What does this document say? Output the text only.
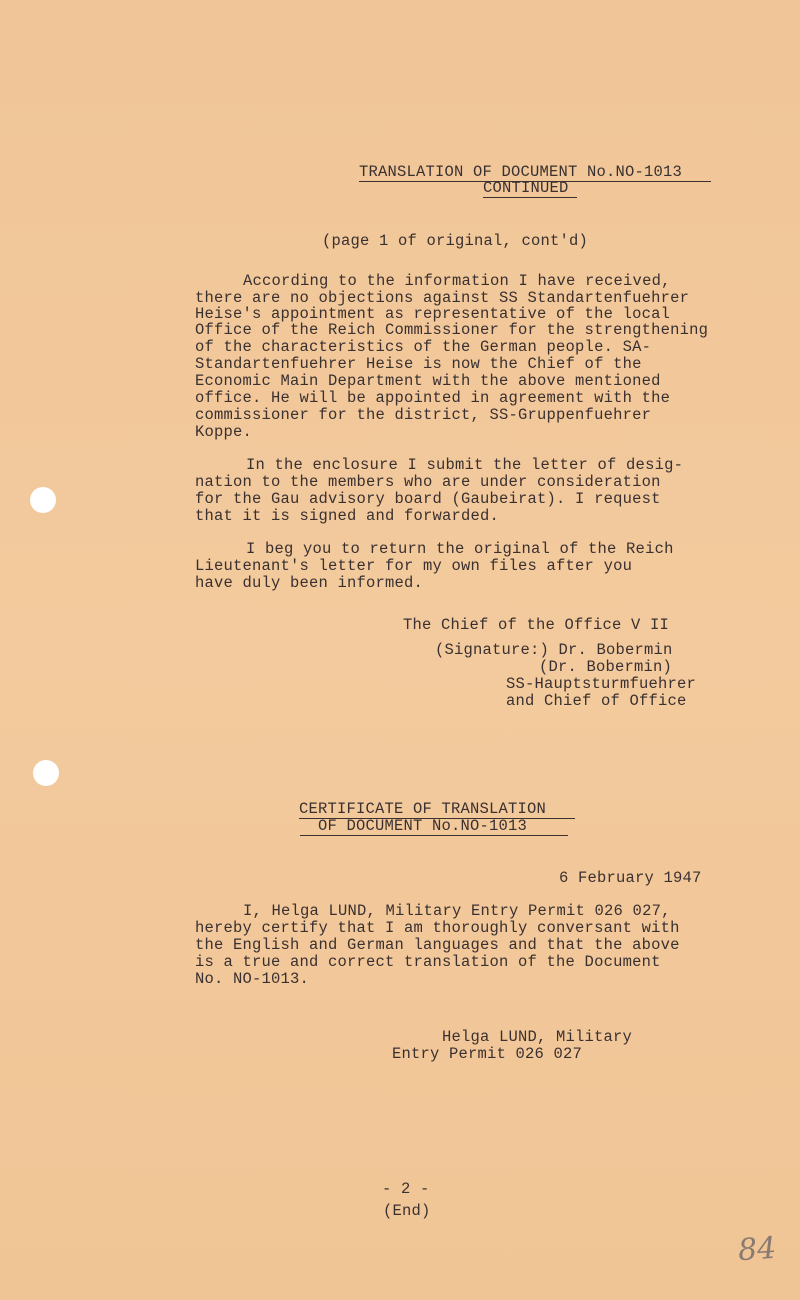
TRANSLATION OF DOCUMENT No.NO-1013
CONTINUED
(page 1 of original, cont'd)
According to the information I have received,
there are no objections against SS Standartenfuehrer
Heise's appointment as representative of the local
Office of the Reich Commissioner for the strengthening
of the characteristics of the German people. SA-
Standartenfuehrer Heise is now the Chief of the
Economic Main Department with the above mentioned
office. He will be appointed in agreement with the
commissioner for the district, SS-Gruppenfuehrer
Koppe.
In the enclosure I submit the letter of desig-
nation to the members who are under consideration
for the Gau advisory board (Gaubeirat). I request
that it is signed and forwarded.
I beg you to return the original of the Reich
Lieutenant's letter for my own files after you
have duly been informed.
The Chief of the Office V II
(Signature:) Dr. Bobermin
(Dr. Bobermin)
SS-Hauptsturmfuehrer
and Chief of Office
CERTIFICATE OF TRANSLATION
OF DOCUMENT No.NO-1013
6 February 1947
I, Helga LUND, Military Entry Permit 026 027,
hereby certify that I am thoroughly conversant with
the English and German languages and that the above
is a true and correct translation of the Document
No. NO-1013.
Helga LUND, Military
Entry Permit 026 027
- 2 -
(End)
84
